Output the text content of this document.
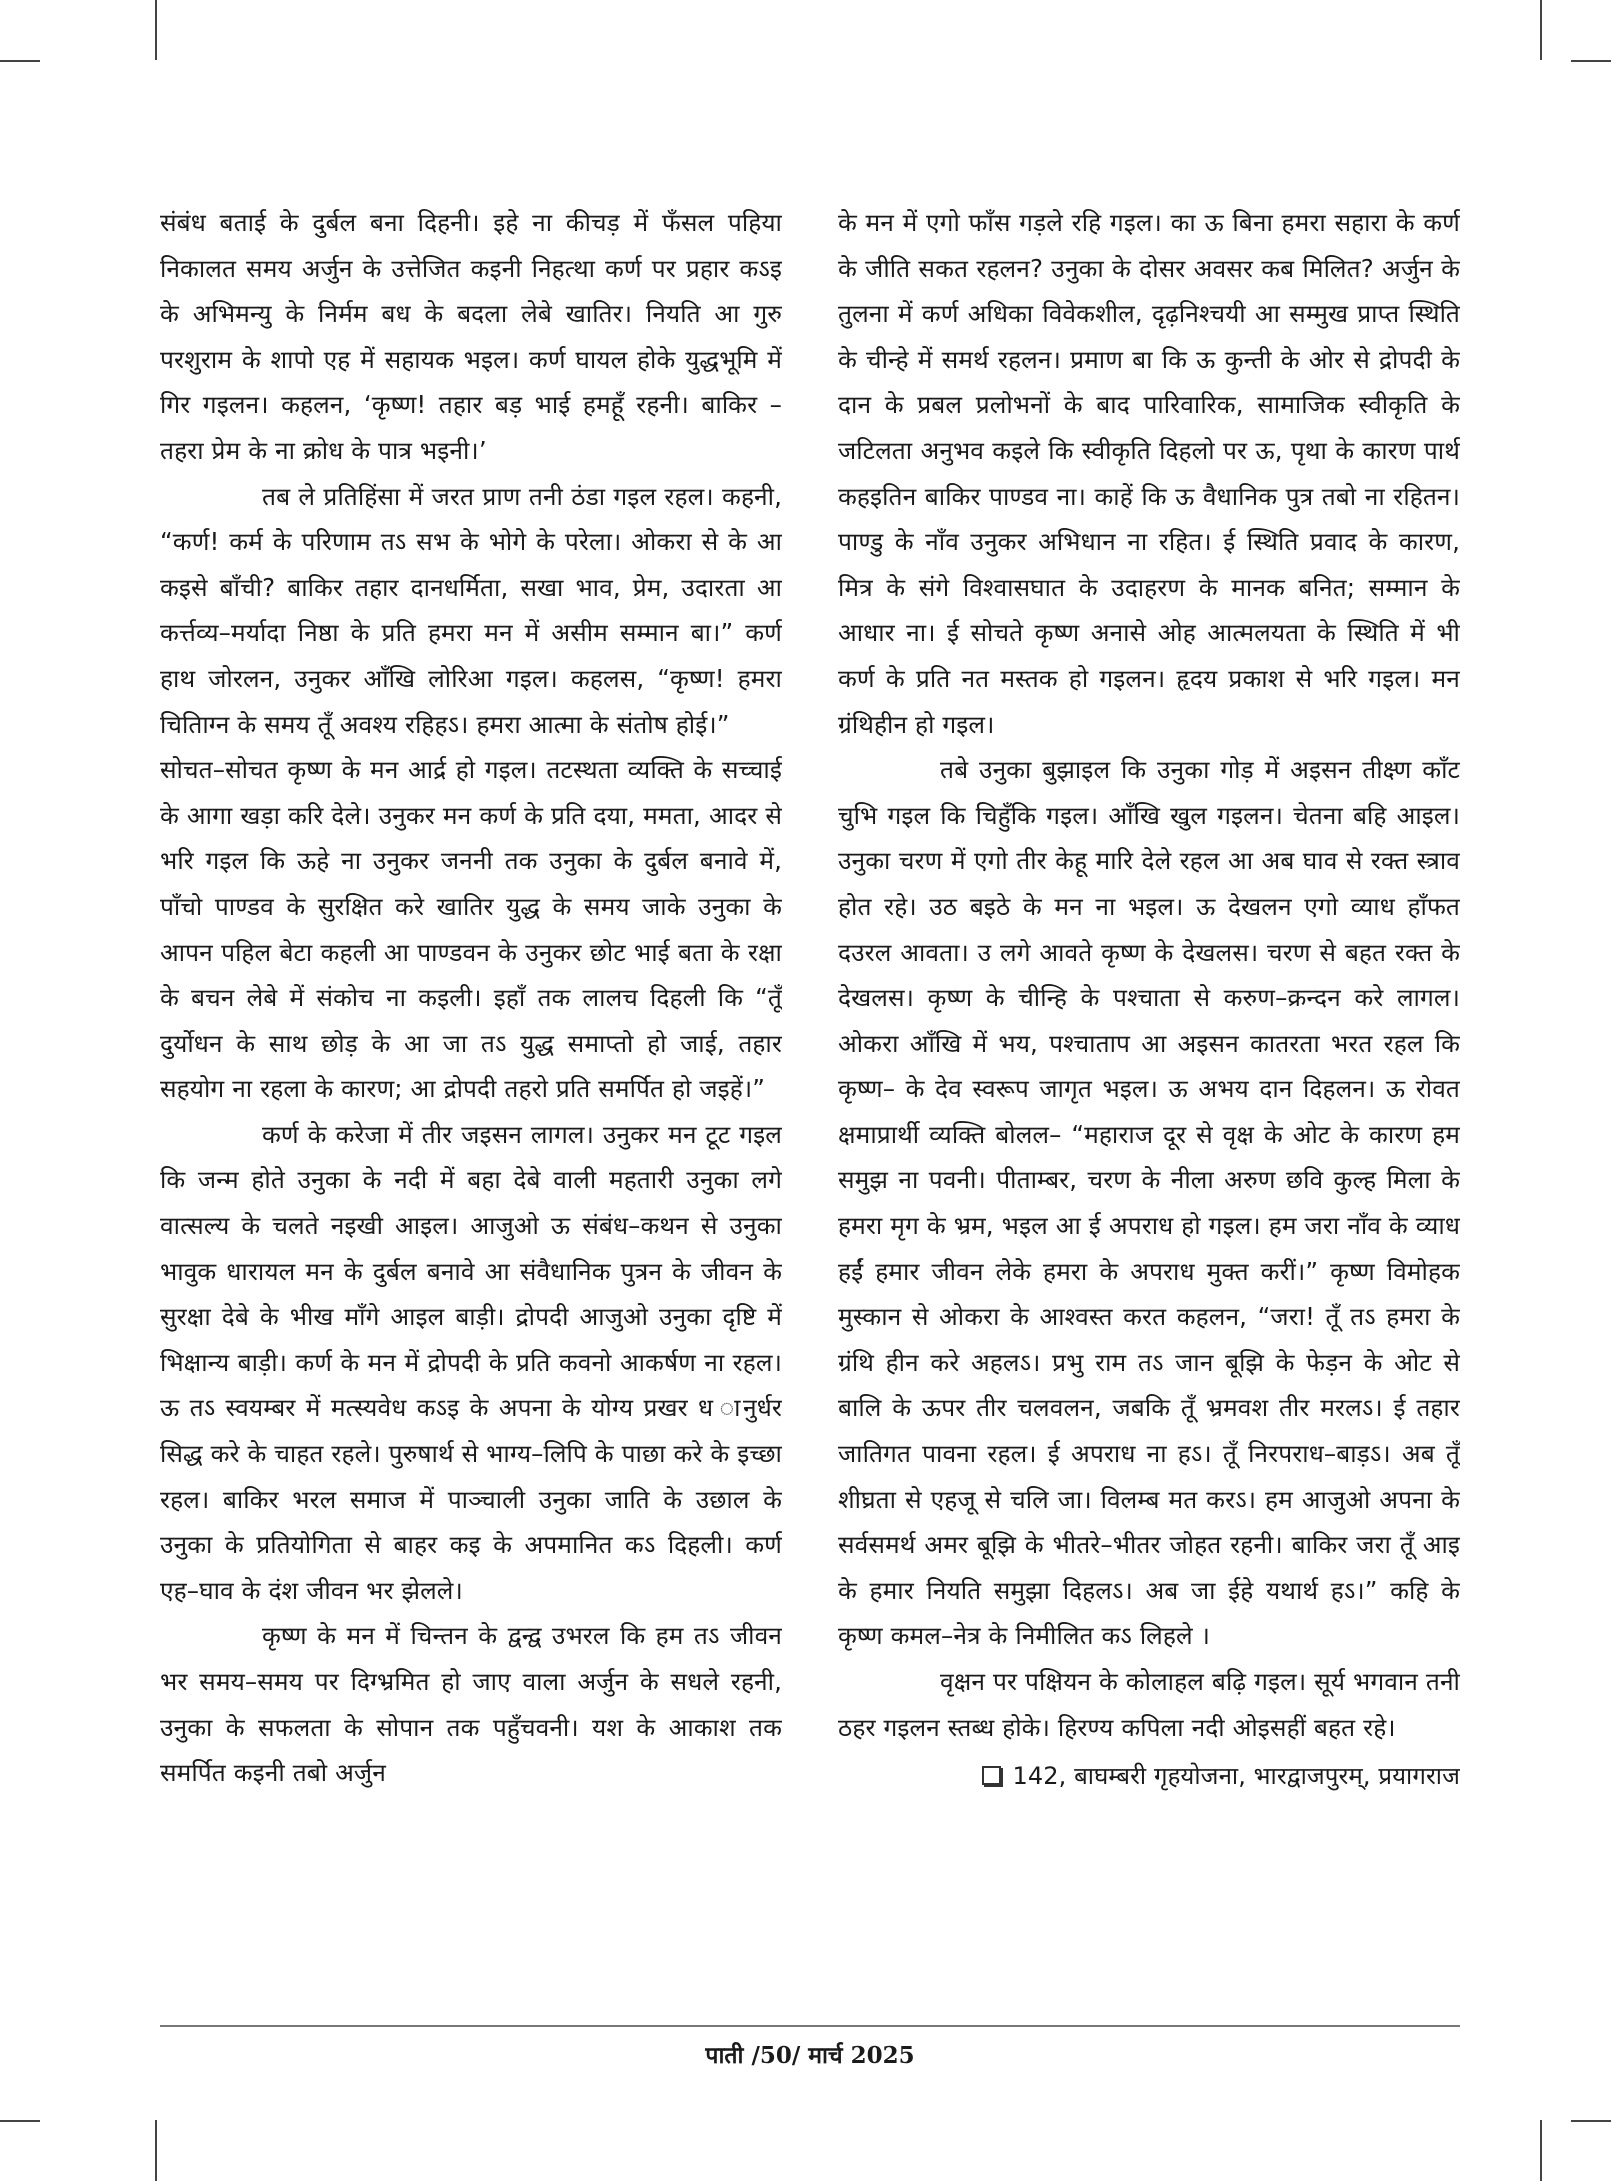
संबंध बताई के दुर्बल बना दिहनी। इहे ना कीचड़ में फँसल पहिया निकालत समय अर्जुन के उत्तेजित कइनी निहत्था कर्ण पर प्रहार कऽइ के अभिमन्यु के निर्मम बध के बदला लेबे खातिर। नियति आ गुरु परशुराम के शापो एह में सहायक भइल। कर्ण घायल होके युद्धभूमि में गिर गइलन। कहलन, ‘कृष्ण! तहार बड़ भाई हमहूँ रहनी। बाकिर – तहरा प्रेम के ना क्रोध के पात्र भइनी।’

तब ले प्रतिहिंसा में जरत प्राण तनी ठंडा गइल रहल। कहनी, “कर्ण! कर्म के परिणाम तऽ सभ के भोगे के परेला। ओकरा से के आ कइसे बाँची? बाकिर तहार दानधर्मिता, सखा भाव, प्रेम, उदारता आ कर्त्तव्य–मर्यादा निष्ठा के प्रति हमरा मन में असीम सम्मान बा।” कर्ण हाथ जोरलन, उनुकर ऑंखि लोरिआ गइल। कहलस, “कृष्ण! हमरा चितािग्न के समय तूँ अवश्य रहिहऽ। हमरा आत्मा के संतोष होई।”

सोचत–सोचत कृष्ण के मन आर्द्र हो गइल। तटस्थता व्यक्ति के सच्चाई के आगा खड़ा करि देले। उनुकर मन कर्ण के प्रति दया, ममता, आदर से भरि गइल कि ऊहे ना उनुकर जननी तक उनुका के दुर्बल बनावे में, पाँचो पाण्डव के सुरक्षित करे खातिर युद्ध के समय जाके उनुका के आपन पहिल बेटा कहली आ पाण्डवन के उनुकर छोट भाई बता के रक्षा के बचन लेबे में संकोच ना कइली। इहाँ तक लालच दिहली कि “तूँ दुर्योधन के साथ छोड़ के आ जा तऽ युद्ध समाप्तो हो जाई, तहार सहयोग ना रहला के कारण; आ द्रोपदी तहरो प्रति समर्पित हो जइहें।”

कर्ण के करेजा में तीर जइसन लागल। उनुकर मन टूट गइल कि जन्म होते उनुका के नदी में बहा देबे वाली महतारी उनुका लगे वात्सल्य के चलते नइखी आइल। आजुओ ऊ संबंध–कथन से उनुका भावुक धारायल मन के दुर्बल बनावे आ संवैधानिक पुत्रन के जीवन के सुरक्षा देबे के भीख माँगे आइल बाड़ी। द्रोपदी आजुओ उनुका दृष्टि में भिक्षान्य बाड़ी। कर्ण के मन में द्रोपदी के प्रति कवनो आकर्षण ना रहल। ऊ तऽ स्वयम्बर में मत्स्यवेध कऽइ के अपना के योग्य प्रखर ध ानुर्धर सिद्ध करे के चाहत रहले। पुरुषार्थ से भाग्य–लिपि के पाछा करे के इच्छा रहल। बाकिर भरल समाज में पाञ्चाली उनुका जाति के उछाल के उनुका के प्रतियोगिता से बाहर कइ के अपमानित कऽ दिहली। कर्ण एह–घाव के दंश जीवन भर झेलले।

कृष्ण के मन में चिन्तन के द्वन्द्व उभरल कि हम तऽ जीवन भर समय–समय पर दिग्भ्रमित हो जाए वाला अर्जुन के सधले रहनी, उनुका के सफलता के सोपान तक पहुँचवनी। यश के आकाश तक समर्पित कइनी तबो अर्जुन

के मन में एगो फाँस गड़ले रहि गइल। का ऊ बिना हमरा सहारा के कर्ण के जीति सकत रहलन? उनुका के दोसर अवसर कब मिलित? अर्जुन के तुलना में कर्ण अधिका विवेकशील, दृढ़निश्चयी आ सम्मुख प्राप्त स्थिति के चीन्हे में समर्थ रहलन। प्रमाण बा कि ऊ कुन्ती के ओर से द्रोपदी के दान के प्रबल प्रलोभनों के बाद पारिवारिक, सामाजिक स्वीकृति के जटिलता अनुभव कइले कि स्वीकृति दिहलो पर ऊ, पृथा के कारण पार्थ कहइतिन बाकिर पाण्डव ना। काहें कि ऊ वैधानिक पुत्र तबो ना रहितन। पाण्डु के नाँव उनुकर अभिधान ना रहित। ई स्थिति प्रवाद के कारण, मित्र के संगे विश्वासघात के उदाहरण के मानक बनित; सम्मान के आधार ना। ई सोचते कृष्ण अनासे ओह आत्मलयता के स्थिति में भी कर्ण के प्रति नत मस्तक हो गइलन। हृदय प्रकाश से भरि गइल। मन ग्रंथिहीन हो गइल।

तबे उनुका बुझाइल कि उनुका गोड़ में अइसन तीक्ष्ण काँट चुभि गइल कि चिहुँकि गइल। ऑंखि खुल गइलन। चेतना बहि आइल। उनुका चरण में एगो तीर केहू मारि देले रहल आ अब घाव से रक्त स्त्राव होत रहे। उठ बइठे के मन ना भइल। ऊ देखलन एगो व्याध हाँफत दउरल आवता। उ लगे आवते कृष्ण के देखलस। चरण से बहत रक्त के देखलस। कृष्ण के चीन्हि के पश्चाता से करुण–क्रन्दन करे लागल। ओकरा ऑंखि में भय, पश्चाताप आ अइसन कातरता भरत रहल कि कृष्ण– के देव स्वरूप जागृत भइल। ऊ अभय दान दिहलन। ऊ रोवत क्षमाप्रार्थी व्यक्ति बोलल– “महाराज दूर से वृक्ष के ओट के कारण हम समुझ ना पवनी। पीताम्बर, चरण के नीला अरुण छवि कुल्ह मिला के हमरा मृग के भ्रम, भइल आ ई अपराध हो गइल। हम जरा नाँव के व्याध हईं हमार जीवन लेके हमरा के अपराध मुक्त करीं।” कृष्ण विमोहक मुस्कान से ओकरा के आश्वस्त करत कहलन, “जरा! तूँ तऽ हमरा के ग्रंथि हीन करे अहलऽ। प्रभु राम तऽ जान बूझि के फेड़न के ओट से बालि के ऊपर तीर चलवलन, जबकि तूँ भ्रमवश तीर मरलऽ। ई तहार जातिगत पावना रहल। ई अपराध ना हऽ। तूँ निरपराध–बाड़ऽ। अब तूँ शीघ्रता से एहजू से चलि जा। विलम्ब मत करऽ। हम आजुओ अपना के सर्वसमर्थ अमर बूझि के भीतरे–भीतर जोहत रहनी। बाकिर जरा तूँ आइ के हमार नियति समुझा दिहलऽ। अब जा ईहे यथार्थ हऽ।” कहि के कृष्ण कमल–नेत्र के निमीलित कऽ लिहले ।

वृक्षन पर पक्षियन के कोलाहल बढ़ि गइल। सूर्य भगवान तनी ठहर गइलन स्तब्ध होके। हिरण्य कपिला नदी ओइसहीं बहत रहे।

142, बाघम्बरी गृहयोजना, भारद्वाजपुरम्, प्रयागराज
पाती /50/ मार्च 2025
